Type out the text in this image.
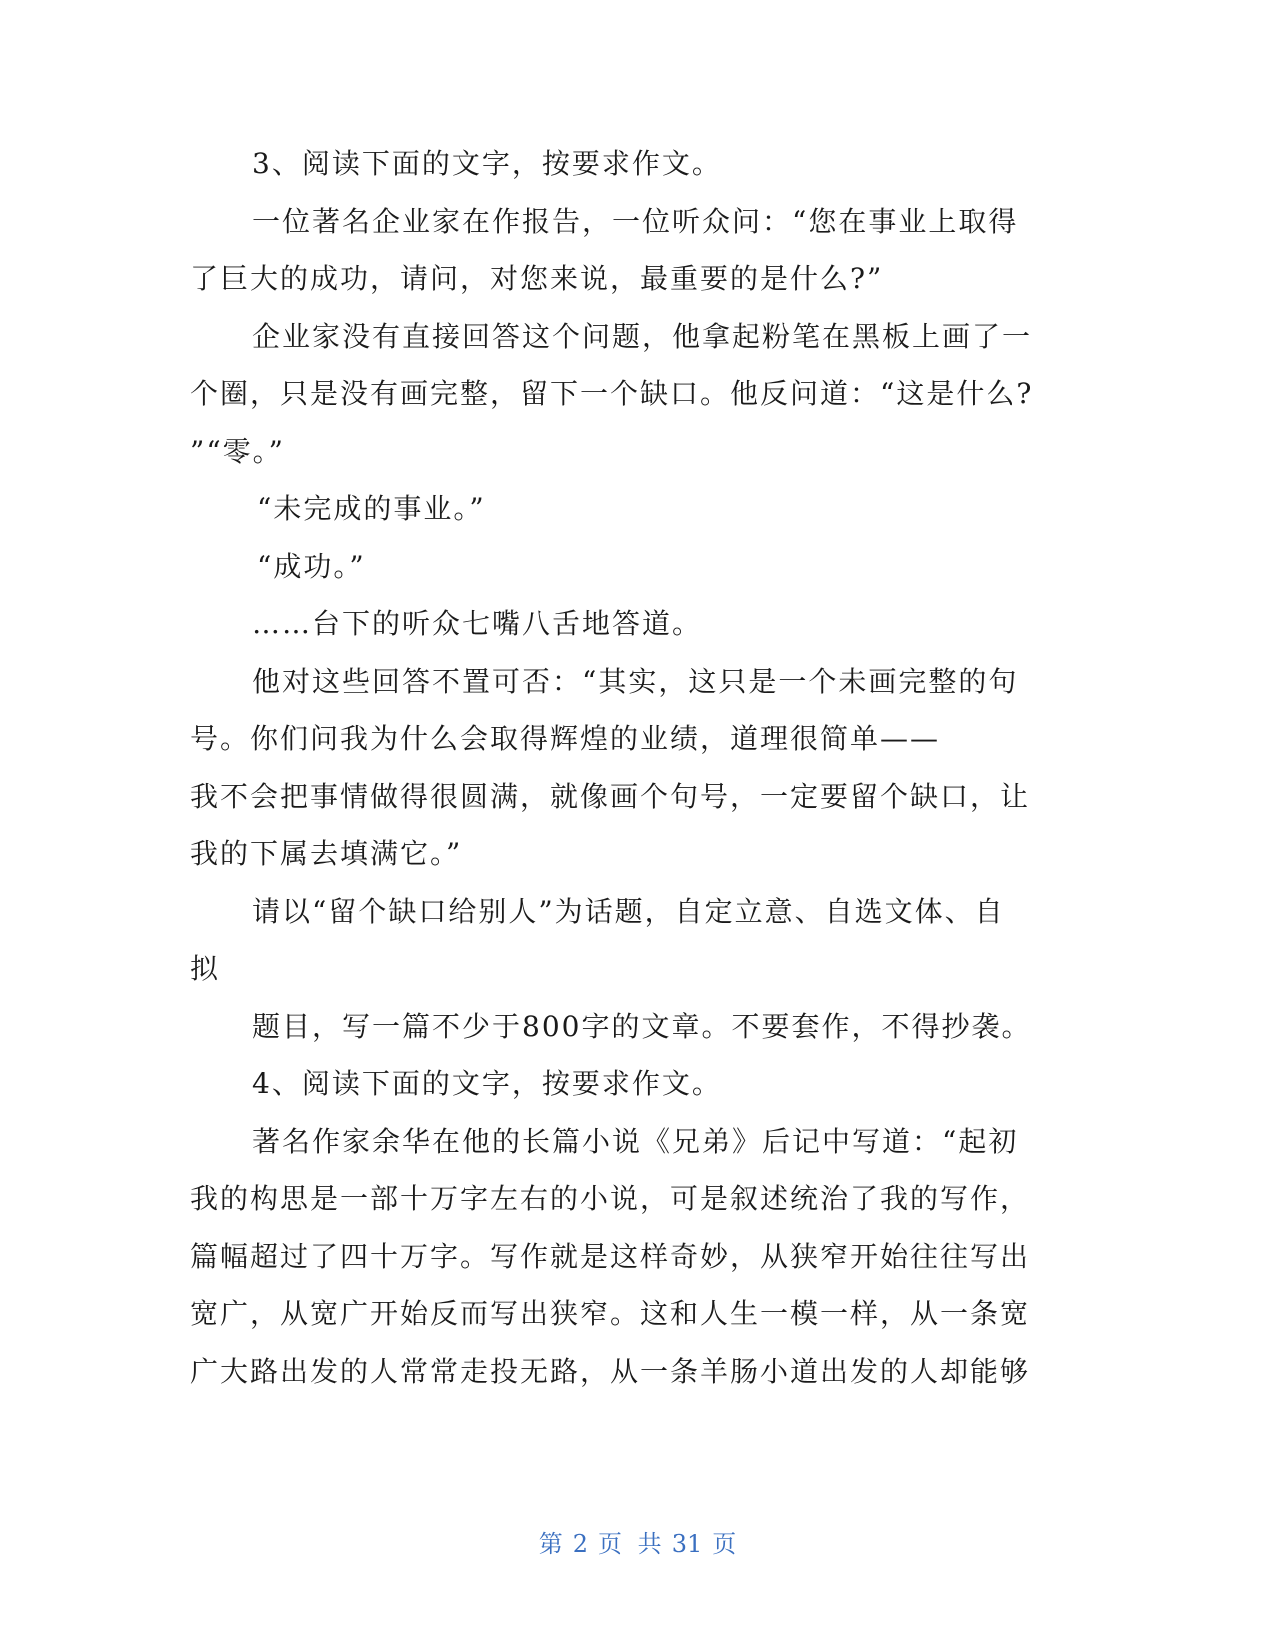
3、阅读下面的文字，按要求作文。
一位著名企业家在作报告，一位听众问：“您在事业上取得
了巨大的成功，请问，对您来说，最重要的是什么?”
企业家没有直接回答这个问题，他拿起粉笔在黑板上画了一
个圈，只是没有画完整，留下一个缺口。他反问道：“这是什么?
”“零。”
“未完成的事业。”
“成功。”
……台下的听众七嘴八舌地答道。
他对这些回答不置可否：“其实，这只是一个未画完整的句
号。你们问我为什么会取得辉煌的业绩，道理很简单——
我不会把事情做得很圆满，就像画个句号，一定要留个缺口，让
我的下属去填满它。”
请以“留个缺口给别人”为话题，自定立意、自选文体、自
拟
题目，写一篇不少于800字的文章。不要套作，不得抄袭。
4、阅读下面的文字，按要求作文。
著名作家余华在他的长篇小说《兄弟》后记中写道：“起初
我的构思是一部十万字左右的小说，可是叙述统治了我的写作，
篇幅超过了四十万字。写作就是这样奇妙，从狭窄开始往往写出
宽广，从宽广开始反而写出狭窄。这和人生一模一样，从一条宽
广大路出发的人常常走投无路，从一条羊肠小道出发的人却能够
第 2 页 共 31 页
